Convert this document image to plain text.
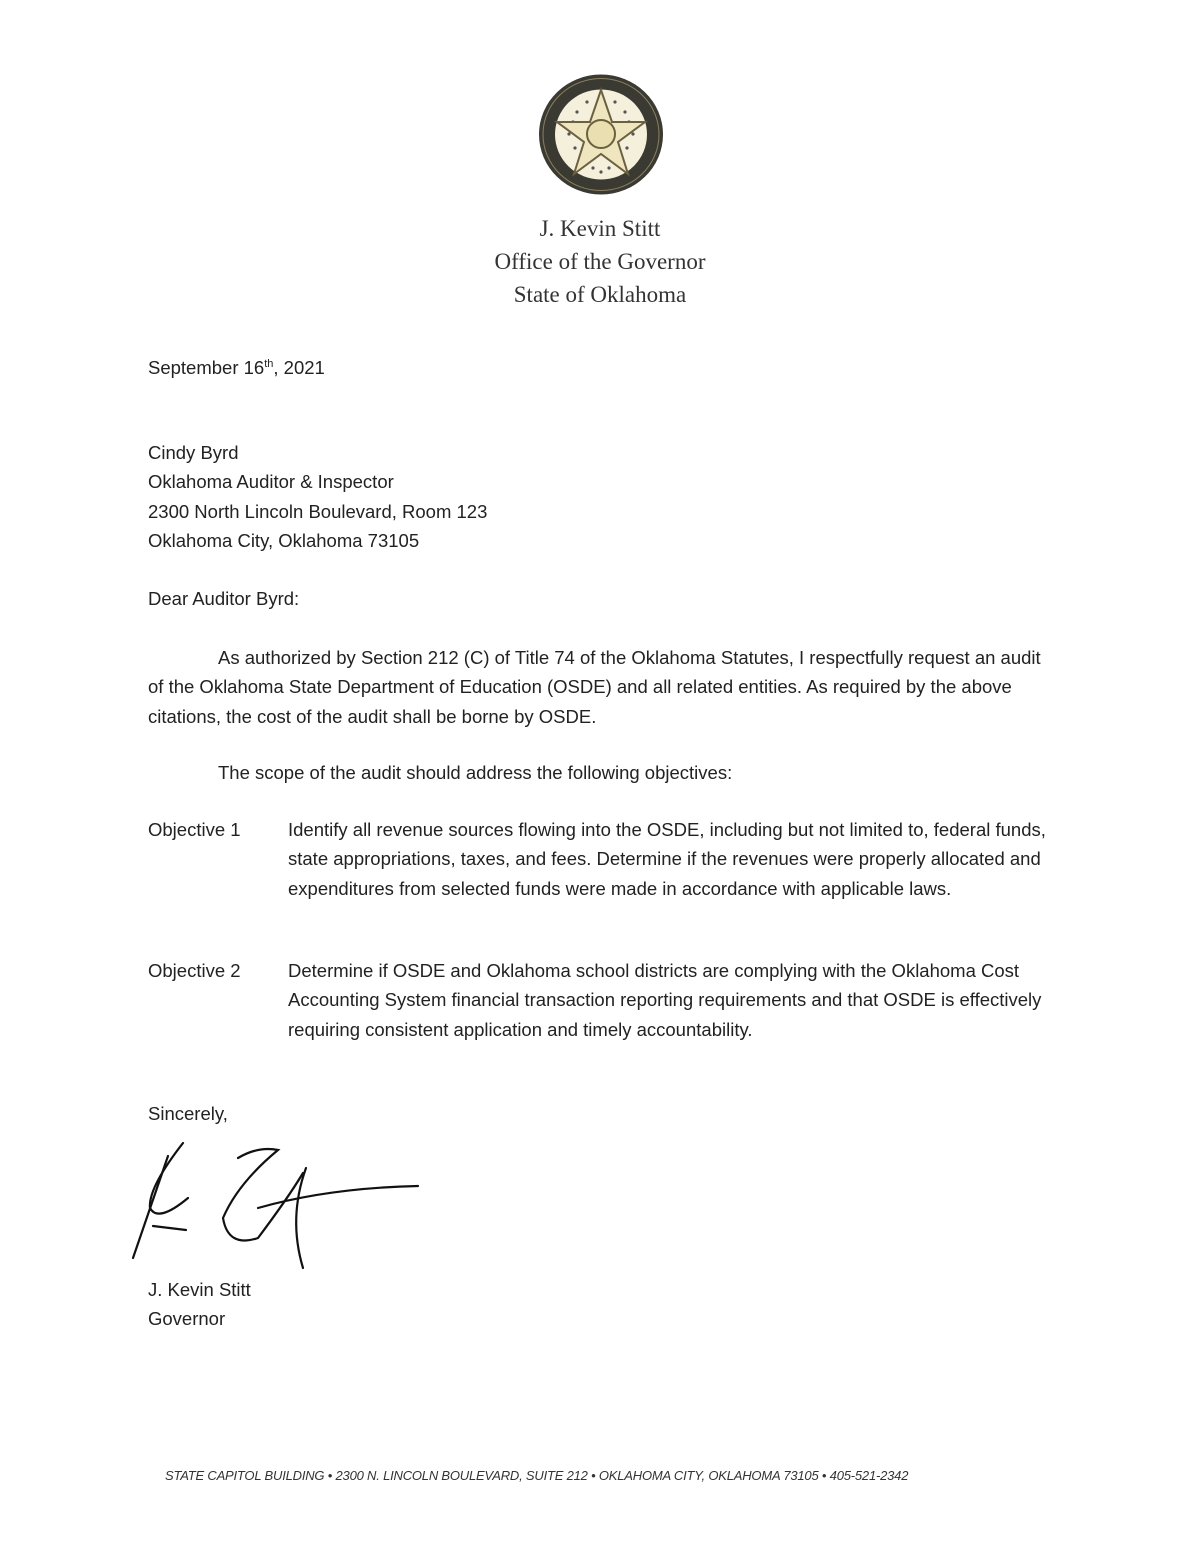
J. Kevin Stitt
Office of the Governor
State of Oklahoma
September 16th, 2021
Cindy Byrd
Oklahoma Auditor & Inspector
2300 North Lincoln Boulevard, Room 123
Oklahoma City, Oklahoma 73105
Dear Auditor Byrd:
As authorized by Section 212 (C) of Title 74 of the Oklahoma Statutes, I respectfully request an audit of the Oklahoma State Department of Education (OSDE) and all related entities. As required by the above citations, the cost of the audit shall be borne by OSDE.
The scope of the audit should address the following objectives:
Objective 1	Identify all revenue sources flowing into the OSDE, including but not limited to, federal funds, state appropriations, taxes, and fees. Determine if the revenues were properly allocated and expenditures from selected funds were made in accordance with applicable laws.
Objective 2	Determine if OSDE and Oklahoma school districts are complying with the Oklahoma Cost Accounting System financial transaction reporting requirements and that OSDE is effectively requiring consistent application and timely accountability.
Sincerely,
J. Kevin Stitt
Governor
STATE CAPITOL BUILDING • 2300 N. LINCOLN BOULEVARD, SUITE 212 • OKLAHOMA CITY, OKLAHOMA 73105 • 405-521-2342
